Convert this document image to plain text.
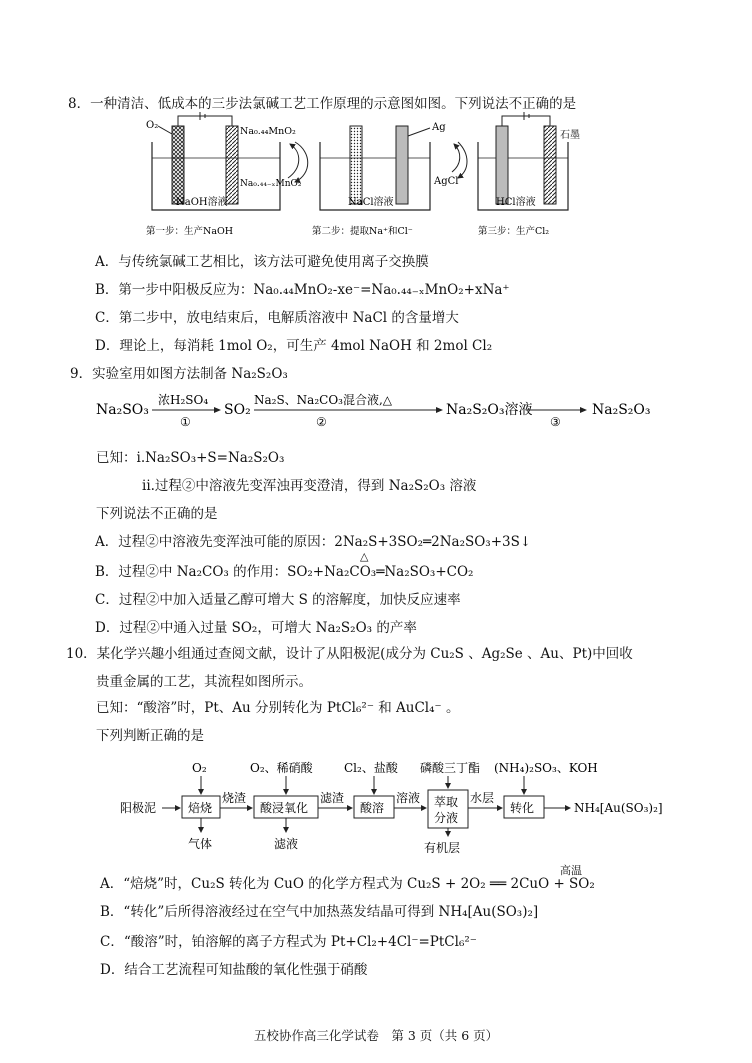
8．一种清洁、低成本的三步法氯碱工艺工作原理的示意图如图。下列说法不正确的是
O₂
Na₀.₄₄MnO₂
Na₀.₄₄₋ₓMnO₂
NaOH溶液
第一步：生产NaOH
NaCl溶液
Ag
AgCl
第二步：提取Na⁺和Cl⁻
石墨
HCl溶液
第三步：生产Cl₂
A．与传统氯碱工艺相比，该方法可避免使用离子交换膜
B．第一步中阳极反应为：Na₀.₄₄MnO₂-xe⁻=Na₀.₄₄₋ₓMnO₂+xNa⁺
C．第二步中，放电结束后，电解质溶液中 NaCl 的含量增大
D．理论上，每消耗 1mol O₂，可生产 4mol NaOH 和 2mol Cl₂
9．实验室用如图方法制备 Na₂S₂O₃
Na₂SO₃
浓H₂SO₄
①
SO₂
Na₂S、Na₂CO₃混合液,△
②
Na₂S₂O₃溶液
③
Na₂S₂O₃
已知：i.Na₂SO₃+S=Na₂S₂O₃
ii.过程②中溶液先变浑浊再变澄清，得到 Na₂S₂O₃ 溶液
下列说法不正确的是
A．过程②中溶液先变浑浊可能的原因：2Na₂S+3SO₂═2Na₂SO₃+3S↓
B．过程②中 Na₂CO₃ 的作用：SO₂+Na₂CO₃═Na₂SO₃+CO₂
△
C．过程②中加入适量乙醇可增大 S 的溶解度，加快反应速率
D．过程②中通入过量 SO₂，可增大 Na₂S₂O₃ 的产率
10．某化学兴趣小组通过查阅文献，设计了从阳极泥(成分为 Cu₂S 、Ag₂Se 、Au、Pt)中回收
贵重金属的工艺，其流程如图所示。
已知：“酸溶”时，Pt、Au 分别转化为 PtCl₆²⁻ 和 AuCl₄⁻ 。
下列判断正确的是
阳极泥	焙烧
O₂
气体
烧渣
酸浸氧化
O₂、稀硝酸
滤液
滤渣
酸溶
Cl₂、盐酸
溶液 萃取
分液
磷酸三丁酯
有机层
水层
转化
(NH₄)₂SO₃、KOH
NH₄[Au(SO₃)₂]
A．“焙烧”时，Cu₂S 转化为 CuO 的化学方程式为 Cu₂S + 2O₂ ══ 2CuO + SO₂
高温
B．“转化”后所得溶液经过在空气中加热蒸发结晶可得到 NH₄[Au(SO₃)₂]
C．“酸溶”时，铂溶解的离子方程式为 Pt+Cl₂+4Cl⁻=PtCl₆²⁻
D．结合工艺流程可知盐酸的氧化性强于硝酸
五校协作高三化学试卷　第 3 页（共 6 页）
